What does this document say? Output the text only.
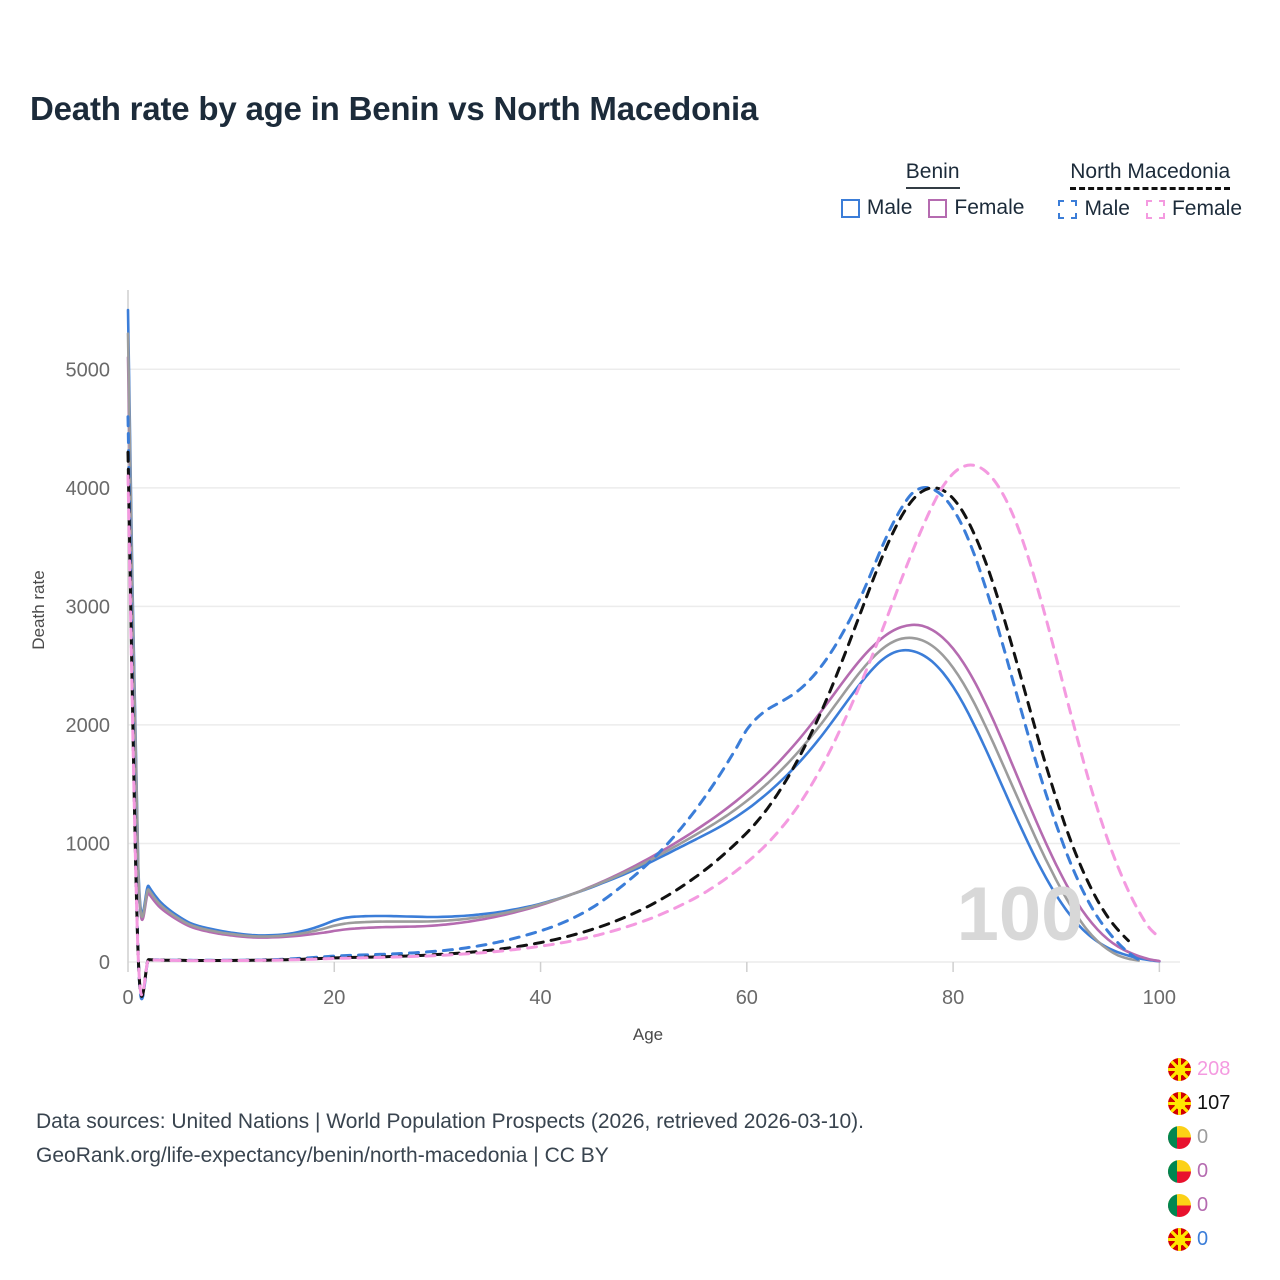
Death rate by age in Benin vs North Macedonia
Benin
Male Female
North Macedonia
Male Female
0
1000
2000
3000
4000
5000
0	20	40	60	80	100
100
Age
Death rate
208
107
0
0
0
0
Data sources: United Nations | World Population Prospects (2026, retrieved 2026-03-10).
GeoRank.org/life-expectancy/benin/north-macedonia | CC BY
